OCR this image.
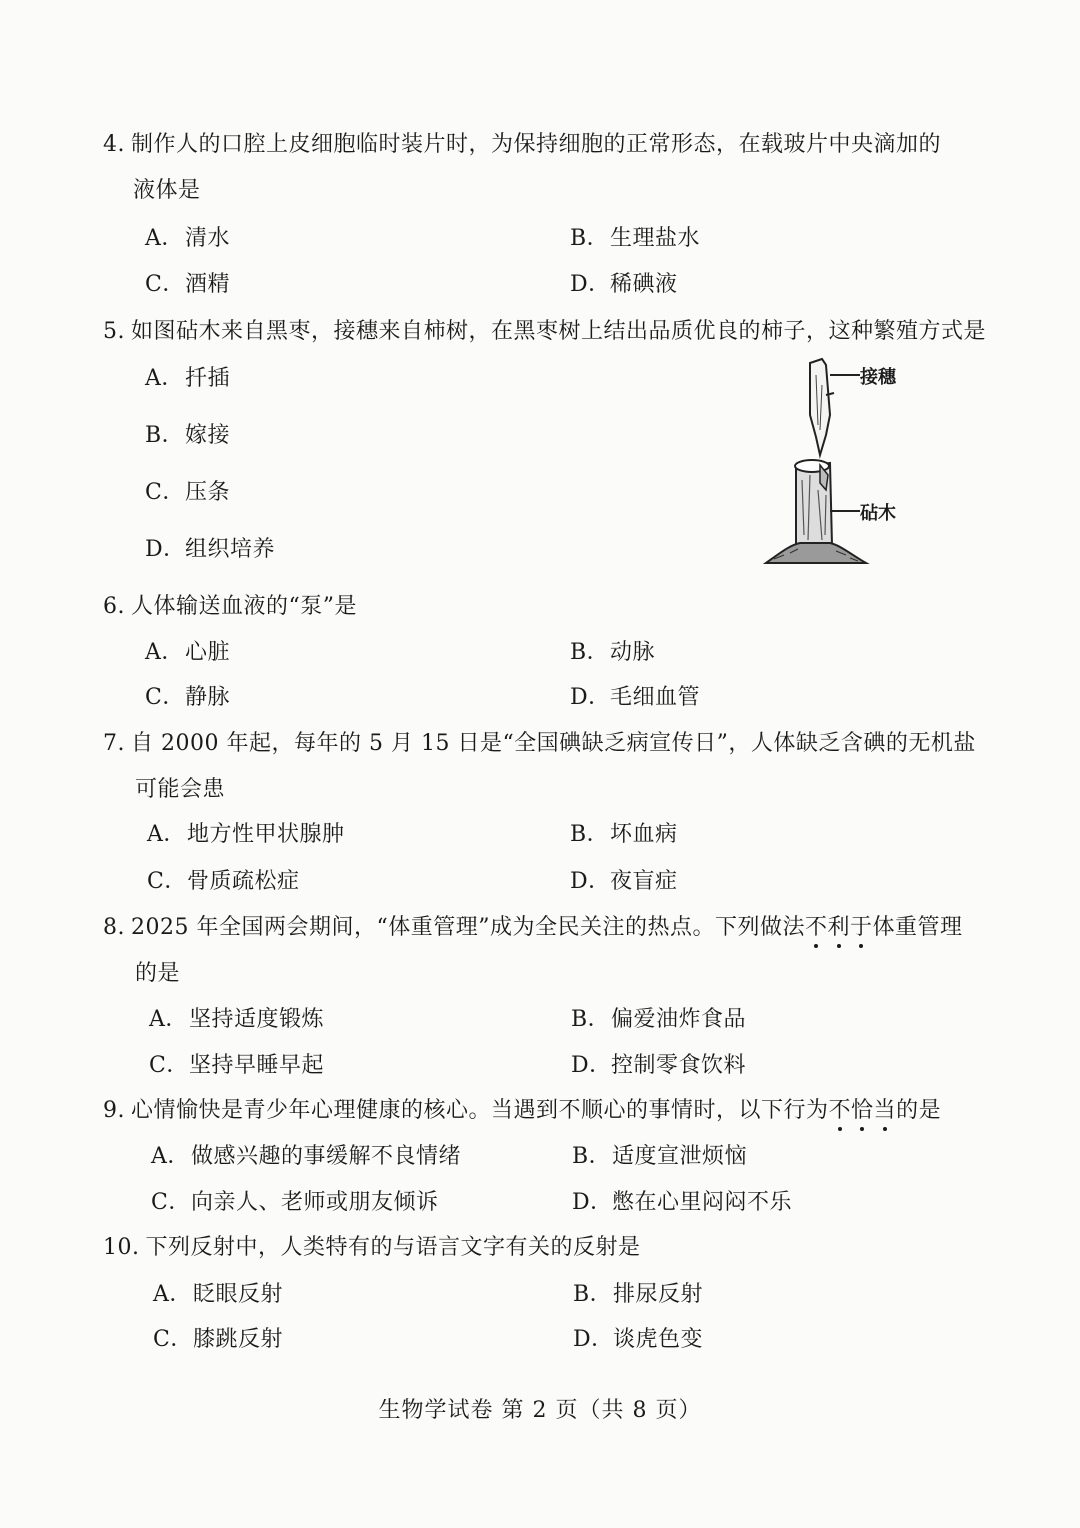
4. 制作人的口腔上皮细胞临时装片时，为保持细胞的正常形态，在载玻片中央滴加的
液体是
A．清水	B．生理盐水
C．酒精	D．稀碘液
5. 如图砧木来自黑枣，接穗来自柿树，在黑枣树上结出品质优良的柿子，这种繁殖方式是
A．扦插
B．嫁接
C．压条
D．组织培养
接穗
砧木
6. 人体输送血液的“泵”是
A．心脏	B．动脉
C．静脉	D．毛细血管
7. 自 2000 年起，每年的 5 月 15 日是“全国碘缺乏病宣传日”，人体缺乏含碘的无机盐
可能会患
A．地方性甲状腺肿	B．坏血病
C．骨质疏松症	D．夜盲症
8. 2025 年全国两会期间，“体重管理”成为全民关注的热点。下列做法不利于体重管理
的是
A．坚持适度锻炼	B．偏爱油炸食品
C．坚持早睡早起	D．控制零食饮料
9. 心情愉快是青少年心理健康的核心。当遇到不顺心的事情时，以下行为不恰当的是
A．做感兴趣的事缓解不良情绪	B．适度宣泄烦恼
C．向亲人、老师或朋友倾诉	D．憋在心里闷闷不乐
10. 下列反射中，人类特有的与语言文字有关的反射是
A．眨眼反射	B．排尿反射
C．膝跳反射	D．谈虎色变
生物学试卷 第 2 页（共 8 页）
